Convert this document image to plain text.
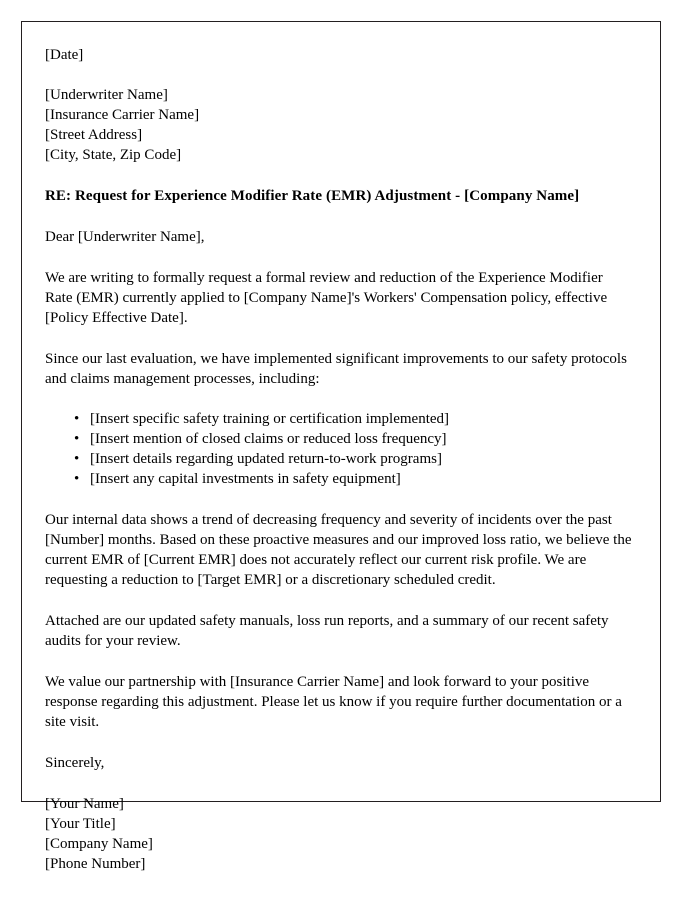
[Date]
[Underwriter Name]
[Insurance Carrier Name]
[Street Address]
[City, State, Zip Code]

RE: Request for Experience Modifier Rate (EMR) Adjustment - [Company Name]

Dear [Underwriter Name],

We are writing to formally request a formal review and reduction of the Experience Modifier Rate (EMR) currently applied to [Company Name]'s Workers' Compensation policy, effective [Policy Effective Date].

Since our last evaluation, we have implemented significant improvements to our safety protocols and claims management processes, including:

• [Insert specific safety training or certification implemented]
• [Insert mention of closed claims or reduced loss frequency]
• [Insert details regarding updated return-to-work programs]
• [Insert any capital investments in safety equipment]

Our internal data shows a trend of decreasing frequency and severity of incidents over the past [Number] months. Based on these proactive measures and our improved loss ratio, we believe the current EMR of [Current EMR] does not accurately reflect our current risk profile. We are requesting a reduction to [Target EMR] or a discretionary scheduled credit.

Attached are our updated safety manuals, loss run reports, and a summary of our recent safety audits for your review.

We value our partnership with [Insurance Carrier Name] and look forward to your positive response regarding this adjustment. Please let us know if you require further documentation or a site visit.

Sincerely,

[Your Name]
[Your Title]
[Company Name]
[Phone Number]
